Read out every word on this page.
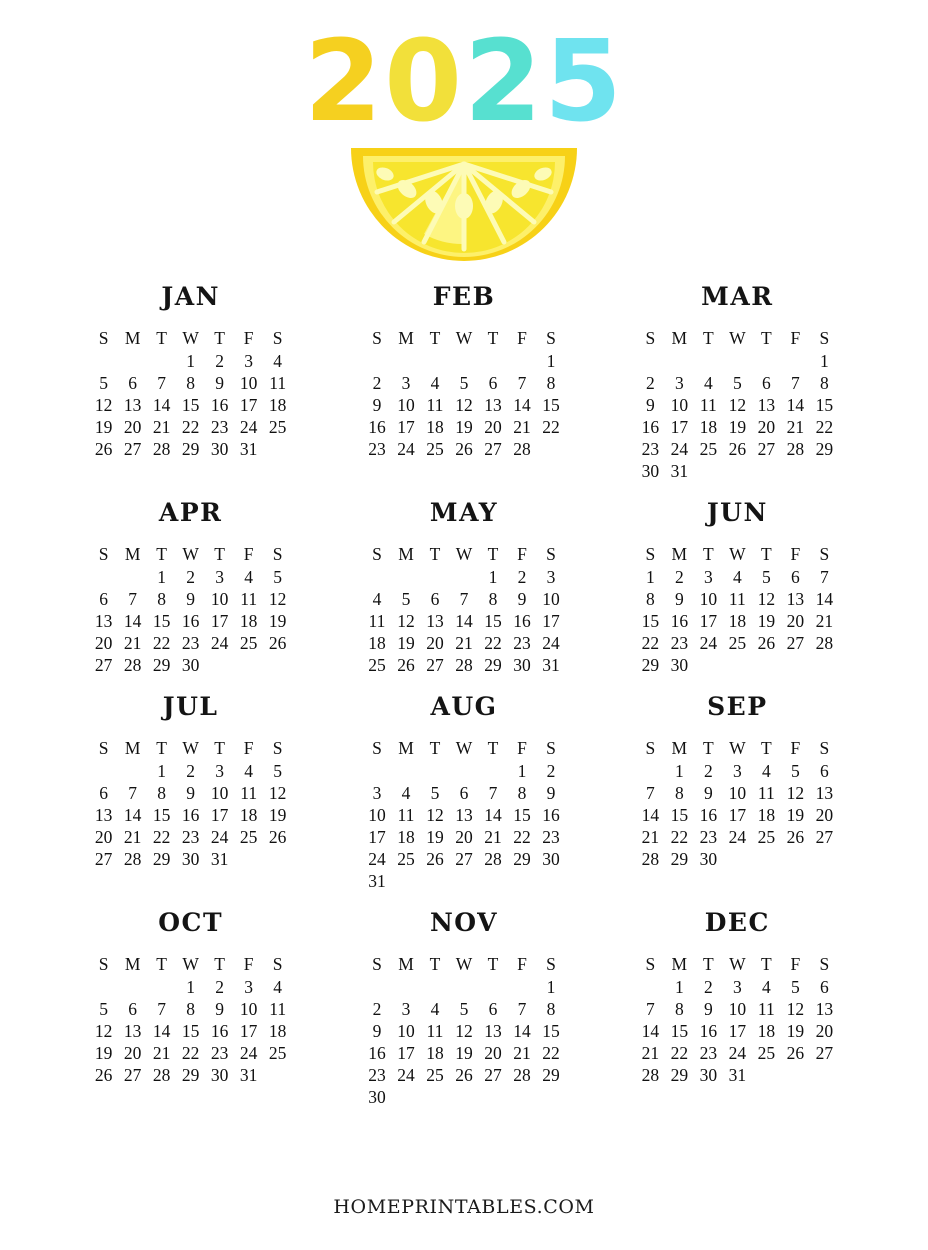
2025
JAN
S	M	T	W	T	F	S
			1	2	3	4
5	6	7	8	9	10	11
12	13	14	15	16	17	18
19	20	21	22	23	24	25
26	27	28	29	30	31	
FEB
S	M	T	W	T	F	S
						1
2	3	4	5	6	7	8
9	10	11	12	13	14	15
16	17	18	19	20	21	22
23	24	25	26	27	28	
MAR
S	M	T	W	T	F	S
						1
2	3	4	5	6	7	8
9	10	11	12	13	14	15
16	17	18	19	20	21	22
23	24	25	26	27	28	29
30	31					
APR
S	M	T	W	T	F	S
		1	2	3	4	5
6	7	8	9	10	11	12
13	14	15	16	17	18	19
20	21	22	23	24	25	26
27	28	29	30			
MAY
S	M	T	W	T	F	S
				1	2	3
4	5	6	7	8	9	10
11	12	13	14	15	16	17
18	19	20	21	22	23	24
25	26	27	28	29	30	31
JUN
S	M	T	W	T	F	S
1	2	3	4	5	6	7
8	9	10	11	12	13	14
15	16	17	18	19	20	21
22	23	24	25	26	27	28
29	30					
JUL
S	M	T	W	T	F	S
		1	2	3	4	5
6	7	8	9	10	11	12
13	14	15	16	17	18	19
20	21	22	23	24	25	26
27	28	29	30	31		
AUG
S	M	T	W	T	F	S
					1	2
3	4	5	6	7	8	9
10	11	12	13	14	15	16
17	18	19	20	21	22	23
24	25	26	27	28	29	30
31						
SEP
S	M	T	W	T	F	S
	1	2	3	4	5	6
7	8	9	10	11	12	13
14	15	16	17	18	19	20
21	22	23	24	25	26	27
28	29	30				
OCT
S	M	T	W	T	F	S
			1	2	3	4
5	6	7	8	9	10	11
12	13	14	15	16	17	18
19	20	21	22	23	24	25
26	27	28	29	30	31	
NOV
S	M	T	W	T	F	S
						1
2	3	4	5	6	7	8
9	10	11	12	13	14	15
16	17	18	19	20	21	22
23	24	25	26	27	28	29
30						
DEC
S	M	T	W	T	F	S
	1	2	3	4	5	6
7	8	9	10	11	12	13
14	15	16	17	18	19	20
21	22	23	24	25	26	27
28	29	30	31			
HOMEPRINTABLES.COM
